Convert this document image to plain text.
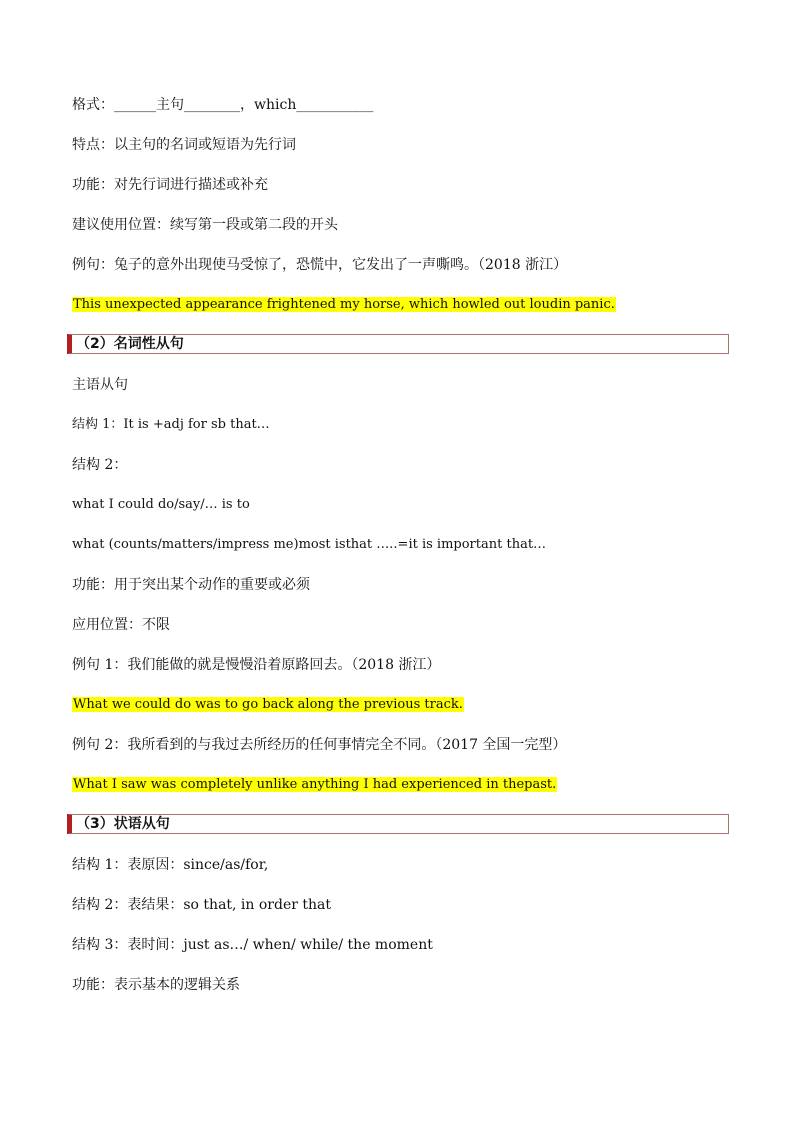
格式：______主句________，which___________
特点：以主句的名词或短语为先行词
功能：对先行词进行描述或补充
建议使用位置：续写第一段或第二段的开头
例句：兔子的意外出现使马受惊了，恐慌中，它发出了一声嘶鸣。（2018 浙江）
This unexpected appearance frightened my horse, which howled out loudin panic.
（2）名词性从句
主语从句
结构 1：It is +adj for sb that…
结构 2：
what I could do/say/… is to
what (counts/matters/impress me)most isthat …..=it is important that…
功能：用于突出某个动作的重要或必须
应用位置：不限
例句 1：我们能做的就是慢慢沿着原路回去。（2018 浙江）
What we could do was to go back along the previous track.
例句 2：我所看到的与我过去所经历的任何事情完全不同。（2017 全国一完型）
What I saw was completely unlike anything I had experienced in thepast.
（3）状语从句
结构 1：表原因：since/as/for,
结构 2：表结果：so that, in order that
结构 3：表时间：just as…/ when/ while/ the moment
功能：表示基本的逻辑关系
